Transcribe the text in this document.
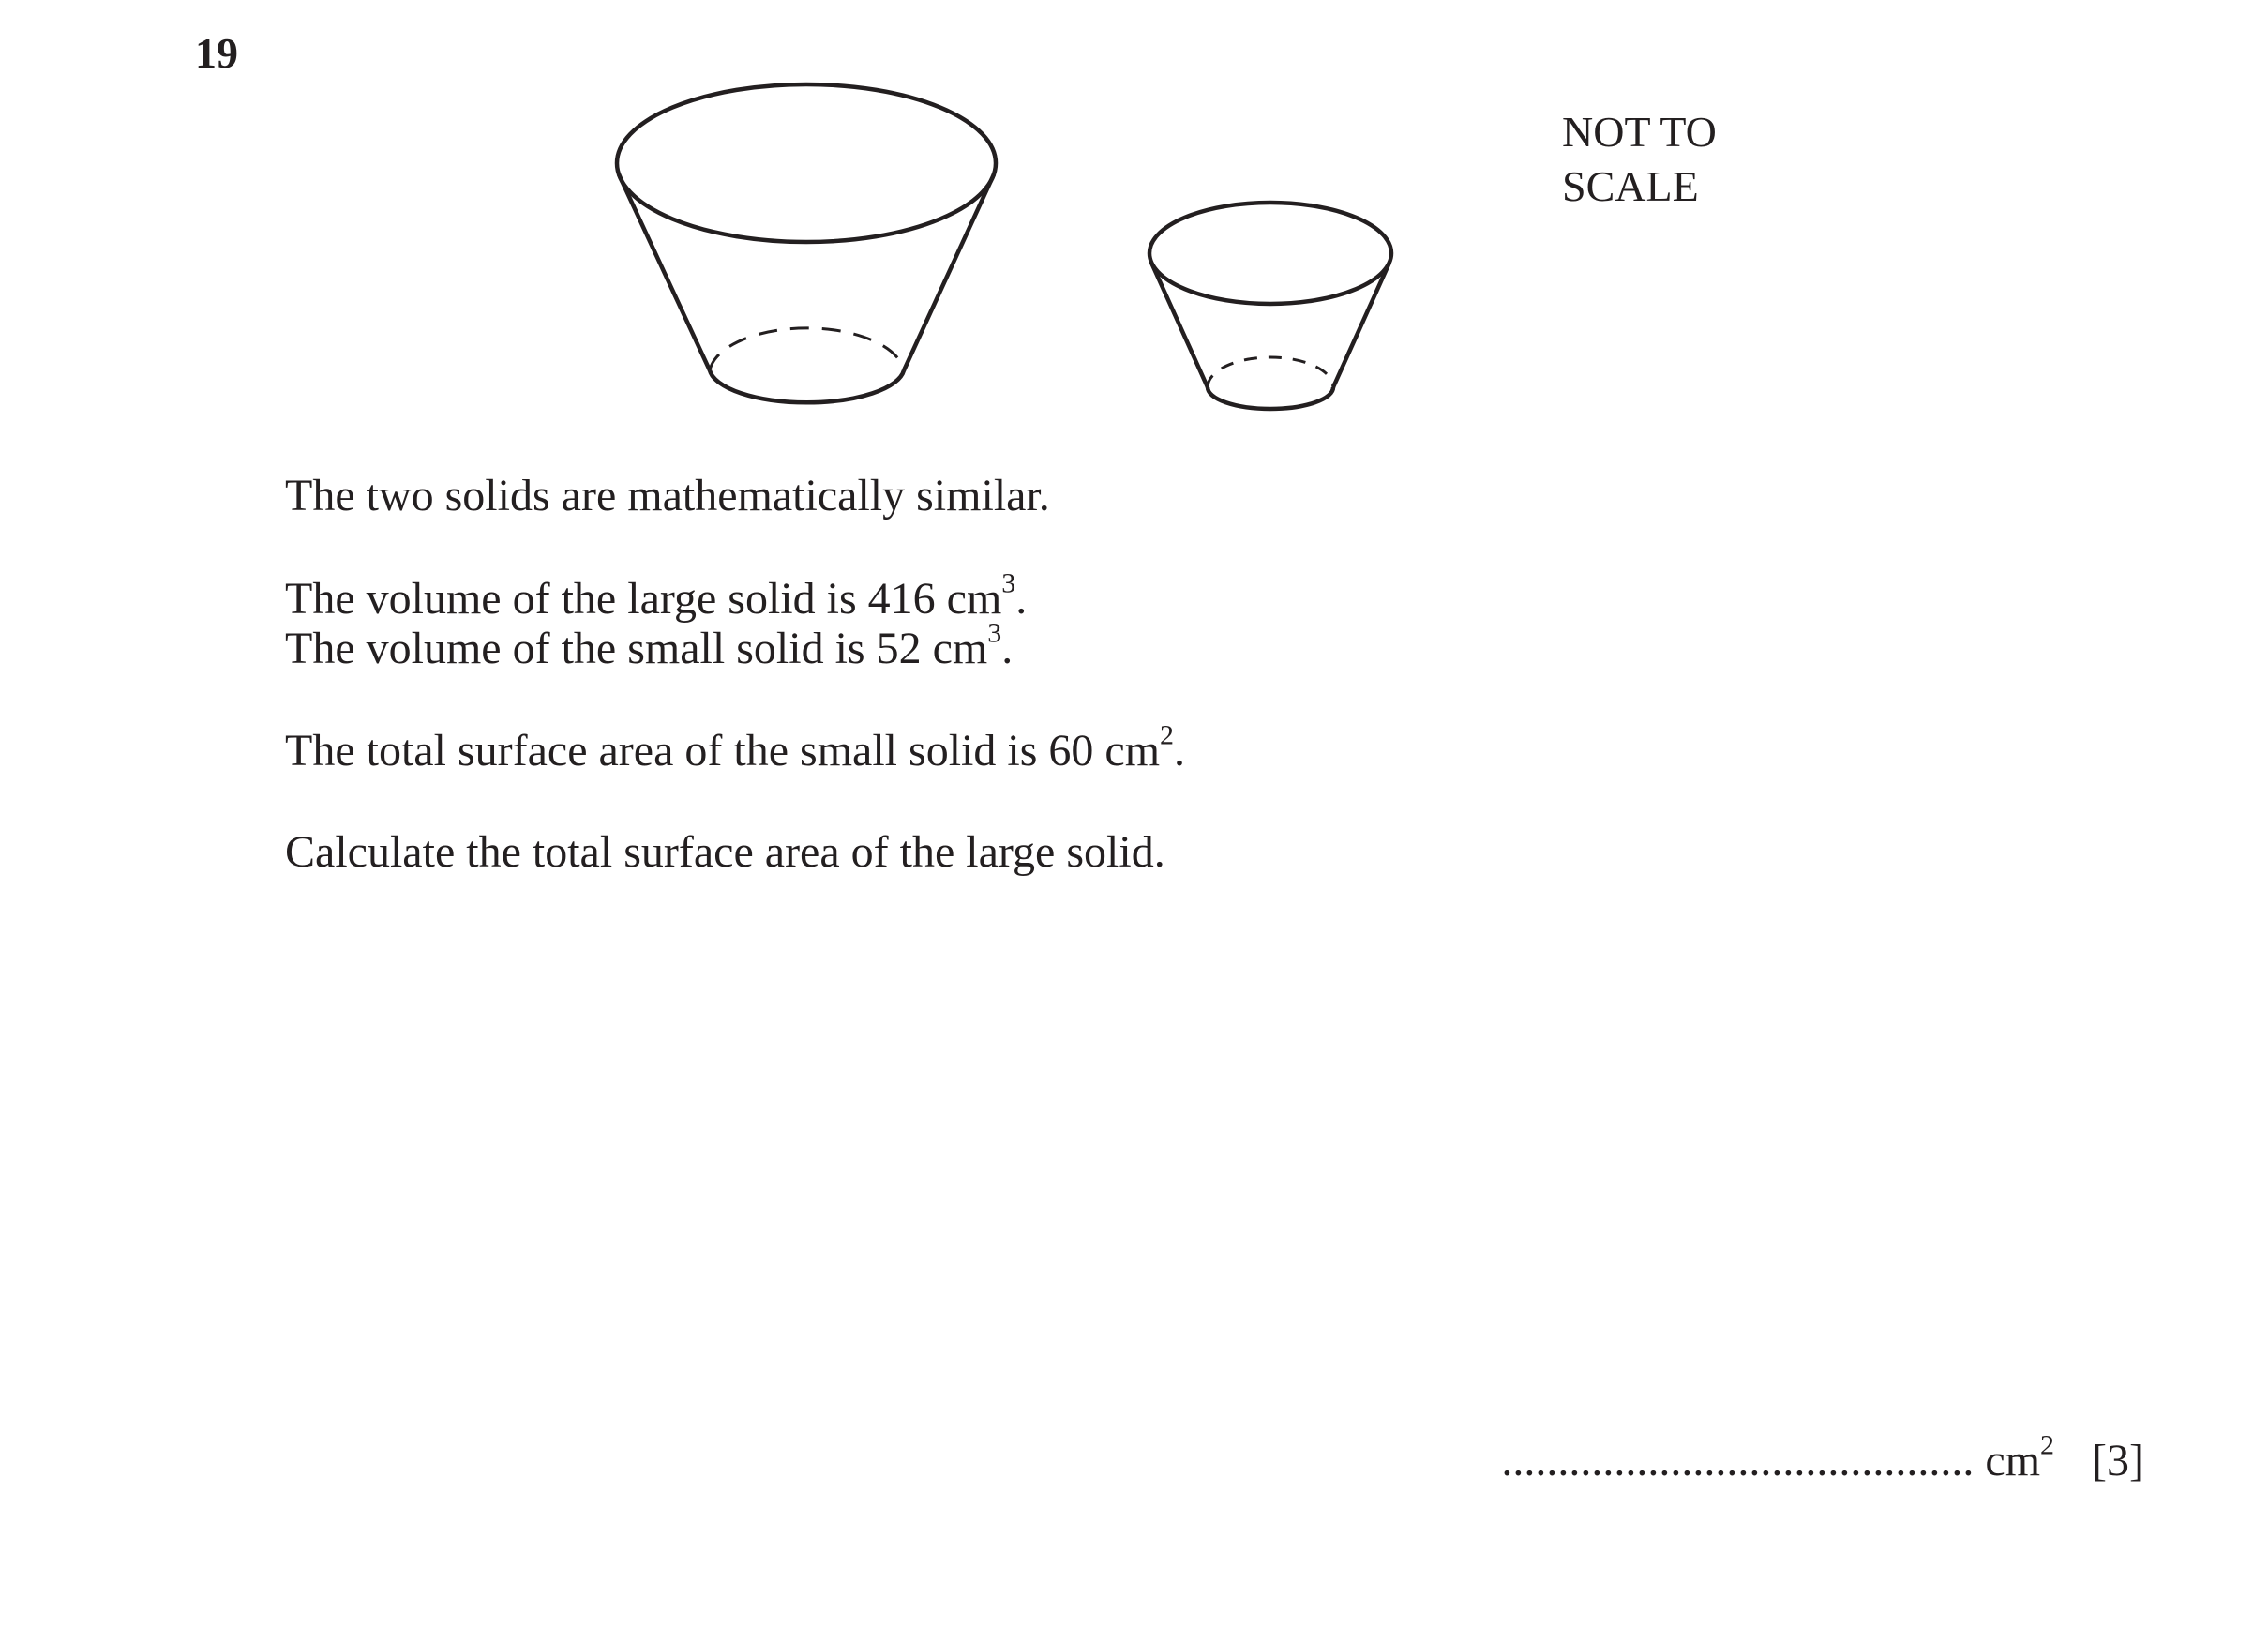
19
NOT TO
SCALE
The two solids are mathematically similar.
The volume of the large solid is 416 $cm^3$.
The volume of the small solid is 52 $cm^3$.
The total surface area of the small solid is 60 $cm^2$.
Calculate the total surface area of the large solid.
.......................................... $cm^2$ [3]
